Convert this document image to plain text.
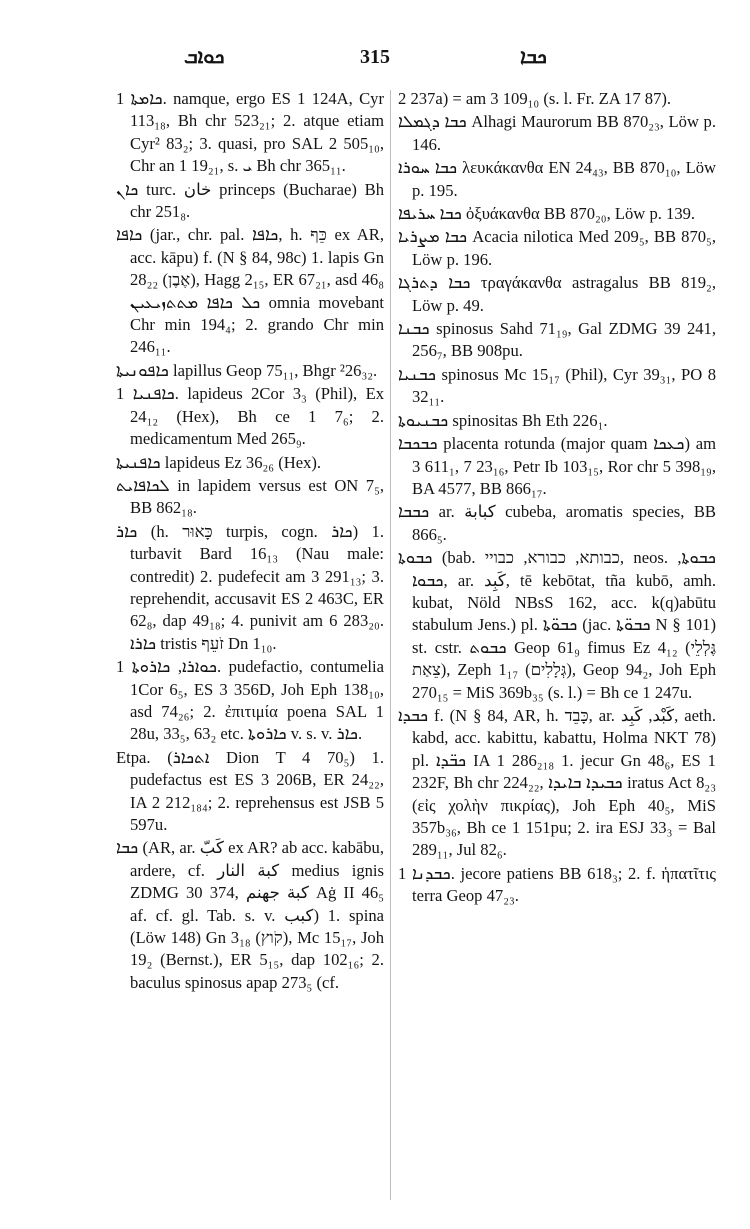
ܟܘܐܒ	315	ܟܒܐ

ܟܐܡܬܐ 1. namque, ergo ES 1 124A, Cyr 113₁₈, Bh chr 523₂₁; 2. atque etiam Cyr² 83₂; 3. quasi, pro SAL 2 505₁₀, Chr an 1 19₂₁, s. ܝ Bh chr 365₁₁.

ܟܐܢ turc. خان princeps (Bucharae) Bh chr 251₈.

ܟܐܦܐ (jar., chr. pal. ܟܐܦܐ, h. כֵּף ex AR, acc. kāpu) f. (N § 84, 98c) 1. lapis Gn 28₂₂ (אֶבֶן), Hagg 2₁₅, ER 67₂₁, asd 46₈ ܟܠ ܟܐܦܐ ܡܬܬܙܝܥܝܢ omnia movebant Chr min 194₄; 2. grando Chr min 246₁₁.

ܟܐܦܘܢܝܬܐ lapillus Geop 75₁₁, Bhgr ²26₃₂.

ܟܐܦܢܝܐ 1. lapideus 2Cor 3₃ (Phil), Ex 24₁₂ (Hex), Bh ce 1 7₆; 2. medicamentum Med 265₉.

ܟܐܦܢܝܬܐ lapideus Ez 36₂₆ (Hex).

ܠܟܐܦܐܝܬ in lapidem versus est ON 7₅, BB 862₁₈.

ܟܐܪ (h. כָּאוּר turpis, cogn. ܟܐܪ) 1. turbavit Bard 16₁₃ (Nau male: contredit) 2. pudefecit am 3 291₁₃; 3. reprehendit, accusavit ES 2 463C, ER 62₈, dap 49₁₈; 4. punivit am 6 283₂₀. ܟܐܪܐ tristis זֹעֵף Dn 1₁₀.

ܟܘܐܪܐ, ܟܐܪܘܬܐ 1. pudefactio, contumelia 1Cor 6₅, ES 3 356D, Joh Eph 138₁₀, asd 74₂₆; 2. ἐπιτιμία poena SAL 1 28u, 33₅, 63₂ etc. ܟܐܪܘܬܐ v. s. v. ܟܐܪ.

Etpa. (ܐܬܟܐܪ Dion T 4 70₅) 1. pudefactus est ES 3 206B, ER 24₂₂, IA 2 212₁₈₄; 2. reprehensus est JSB 5 597u.

ܟܒܐ (AR, ar. كَبّ ex AR? ab acc. kabābu, ardere, cf. كبة النار medius ignis ZDMG 30 374, كبة جهنم Aġ II 46₅ af. cf. gl. Tab. s. v. كبب) 1. spina (Löw 148) Gn 3₁₈ (קֹוץ), Mc 15₁₇, Joh 19₂ (Bernst.), ER 5₁₅, dap 102₁₆; 2. baculus spinosus apap 273₅ (cf.

2 237a) = am 3 109₁₀ (s. l. Fr. ZA 17 87).

ܟܒܐ ܕܓܡܠܐ Alhagi Maurorum BB 870₂₃, Löw p. 146.

ܟܒܐ ܚܘܪܐ λευκάκανθα EN 24₄₃, BB 870₁₀, Löw p. 195.

ܟܒܐ ܚܪܝܦܐ ὀξυάκανθα BB 870₂₀, Löw p. 139.

ܟܒܐ ܡܨܪܝܐ Acacia nilotica Med 209₅, BB 870₅, Löw p. 196.

ܟܒܐ ܕܬܪܓܐ τραγάκανθα astragalus BB 819₂, Löw p. 49.

ܟܒܢܐ spinosus Sahd 71₁₉, Gal ZDMG 39 241, 256₇, BB 908pu.

ܟܒܢܝܐ spinosus Mc 15₁₇ (Phil), Cyr 39₃₁, PO 8 32₁₁.

ܟܒܢܝܘܬܐ spinositas Bh Eth 226₁.

ܟܒܟܒܐ placenta rotunda (major quam ܟܥܟܐ) am 3 611₁, 7 23₁₆, Petr Ib 103₁₅, Ror chr 5 398₁₉, BA 4577, BB 866₁₇.

ܟܒܒܐ ar. كبابة cubeba, aromatis species, BB 866₅.

ܟܒܘܬܐ (bab. כבותא, כבורא, כבויי, neos. ܟܒܘܬܐ, ܟܒܘܐ, ar. كَبِد, tē kebōtat, tña kubō, amh. kubat, Nöld NBsS 162, acc. k(q)abūtu stabulum Jens.) pl. ܟܒܘ̈ܬܐ (jac. ܟܒܘ̈ܬܐ N § 101) st. cstr. ܟܒܘܬ Geop 61₉ fimus Ez 4₁₂ (גֶּלְלֵי צֵאַת), Zeph 1₁₇ (גְּלָלִים), Geop 94₂, Joh Eph 270₁₅ = MiS 369b₃₅ (s. l.) = Bh ce 1 247u.

ܟܒܕܐ f. (N § 84, AR, h. כָּבֵד, ar. كَبْد, كَبِد, aeth. kabd, acc. kabittu, kabattu, Holma NKT 78) pl. ܟܒ̈ܕܐ IA 1 286₂₁₈ 1. jecur Gn 48₆, ES 1 232F, Bh chr 224₂₂, ܟܒܝܕܐ ܒܐܝܕܐ iratus Act 8₂₃ (εἰς χολὴν πικρίας), Joh Eph 40₅, MiS 357b₃₆, Bh ce 1 151pu; 2. ira ESJ 33₃ = Bal 289₁₁, Jul 82₆.

ܟܒܕܢܐ 1. jecore patiens BB 618₃; 2. f. ἡπατῖτις terra Geop 47₂₃.
